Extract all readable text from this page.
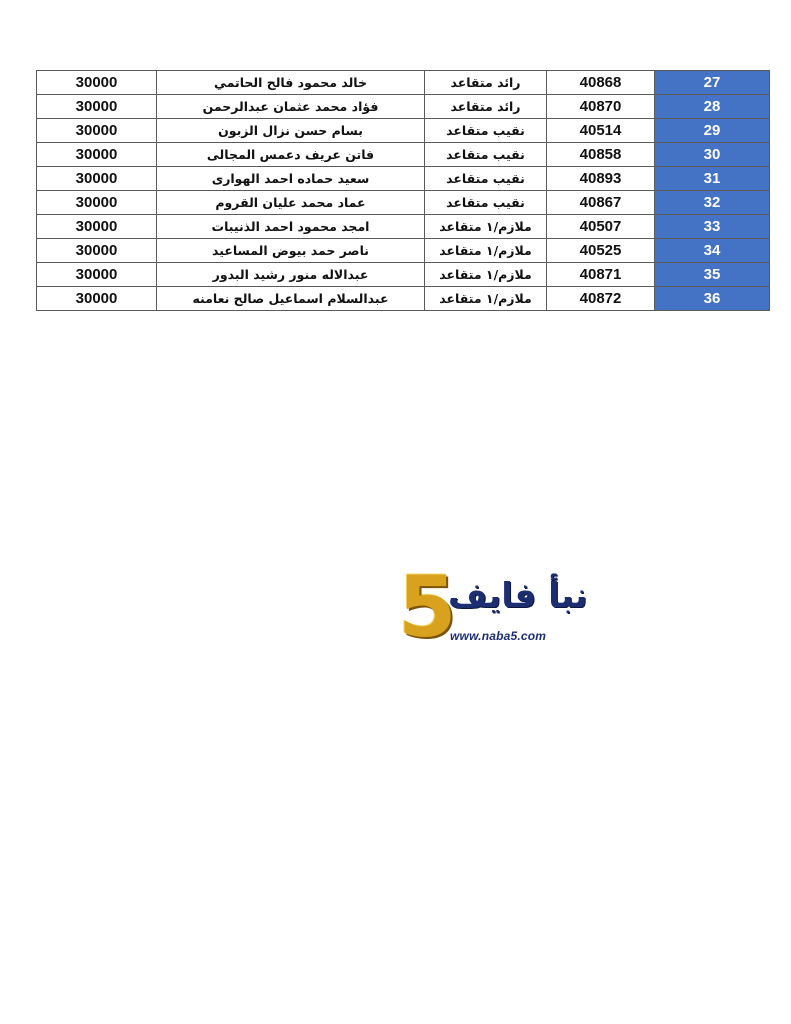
30000	خالد محمود فالح الحاتمي	رائد متقاعد	40868	27
30000	فؤاد محمد عثمان عبدالرحمن	رائد متقاعد	40870	28
30000	بسام حسن نزال الزبون	نقيب متقاعد	40514	29
30000	فاتن عريف دعمس المجالى	نقيب متقاعد	40858	30
30000	سعيد حماده احمد الهوارى	نقيب متقاعد	40893	31
30000	عماد محمد عليان القروم	نقيب متقاعد	40867	32
30000	امجد محمود احمد الذنيبات	ملازم/١ متقاعد	40507	33
30000	ناصر حمد بيوض المساعيد	ملازم/١ متقاعد	40525	34
30000	عبدالاله منور رشيد البدور	ملازم/١ متقاعد	40871	35
30000	عبدالسلام اسماعيل صالح نعامنه	ملازم/١ متقاعد	40872	36
5
نبأ فايف
www.naba5.com
